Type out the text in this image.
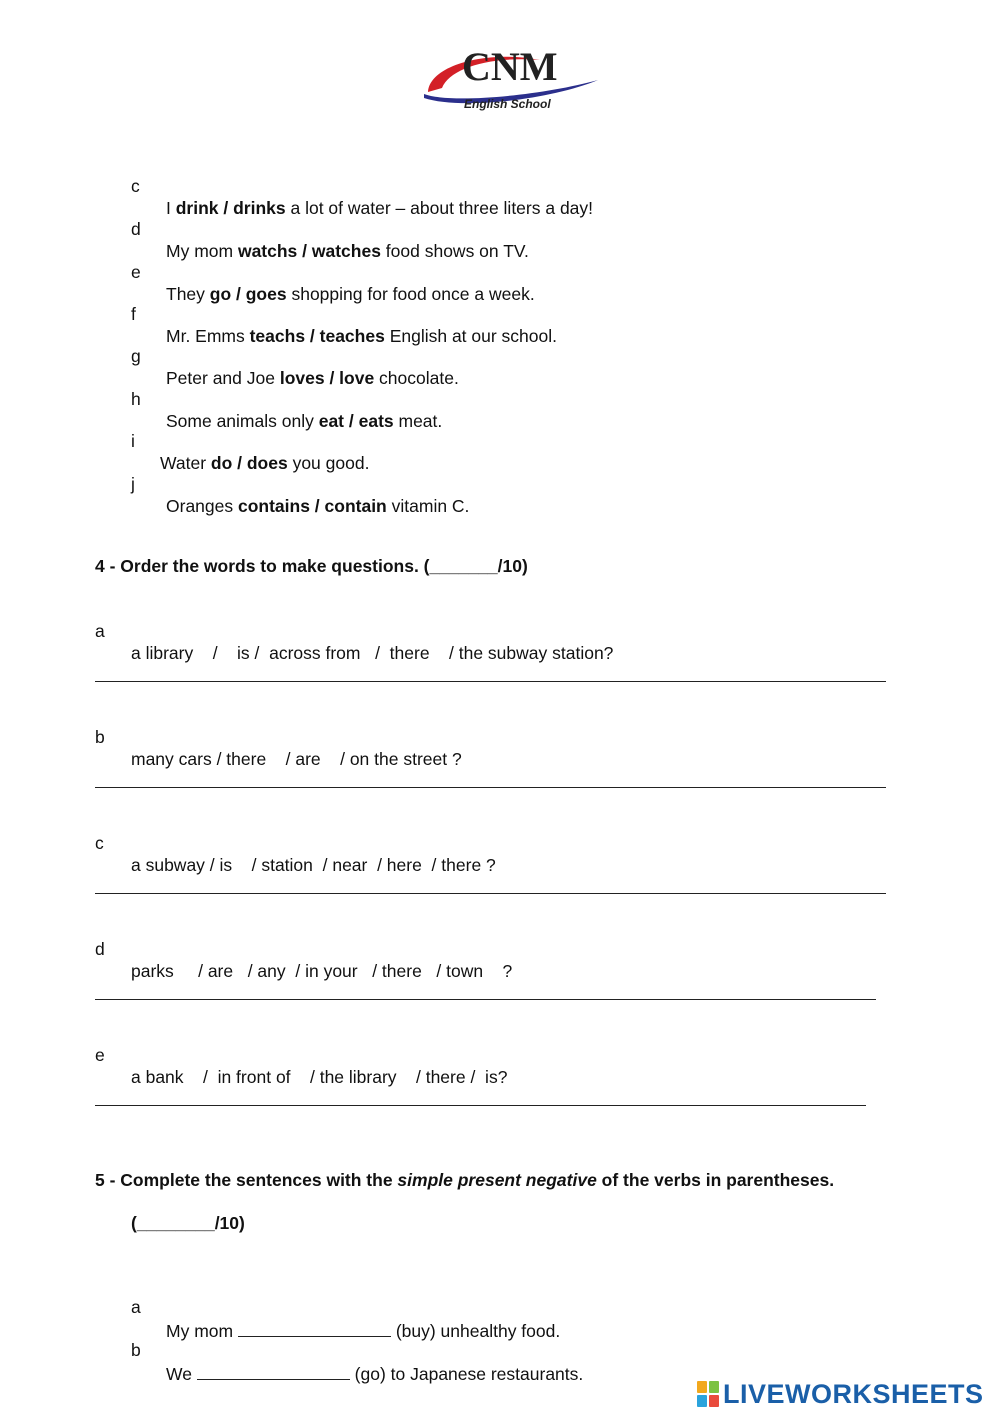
CNM
English School

c

I drink / drinks a lot of water – about three liters a day!

d

My mom watchs / watches food shows on TV.

e

They go / goes shopping for food once a week.

f

Mr. Emms teachs / teaches English at our school.

g

Peter and Joe loves / love chocolate.

h

Some animals only eat / eats meat.

i

Water do / does you good.

j

Oranges contains / contain vitamin C.

4 - Order the words to make questions. (_______/10)

a

a library    /    is /  across from   /  there    / the subway station?

b

many cars / there    / are    / on the street ?

c

a subway / is    / station  / near  / here  / there ?

d

parks     / are   / any  / in your   / there   / town    ?

e

a bank    /  in front of    / the library    / there /  is?

5 - Complete the sentences with the simple present negative of the verbs in parentheses.
(________/10)

a

My mom	(buy) unhealthy food.

b

We	(go) to Japanese restaurants.

LIVEWORKSHEETS
